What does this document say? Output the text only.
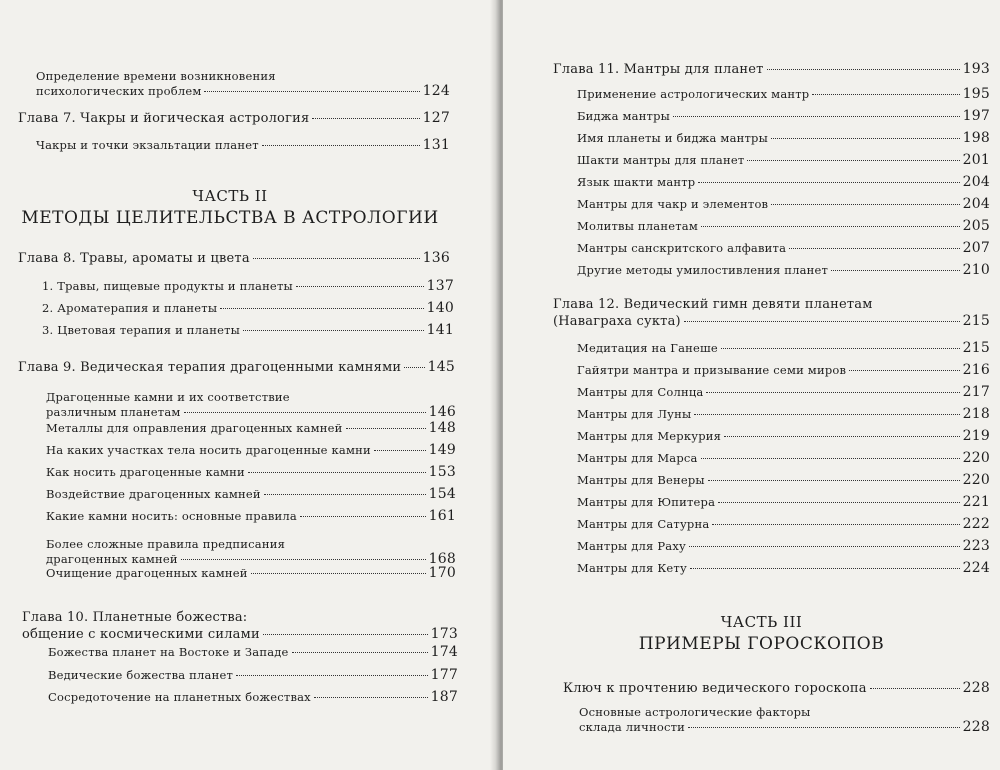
Определение времени возникновения
психологических проблем	124
Глава 7. Чакры и йогическая астрология	127
Чакры и точки экзальтации планет	131
ЧАСТЬ II
МЕТОДЫ ЦЕЛИТЕЛЬСТВА В АСТРОЛОГИИ
Глава 8. Травы, ароматы и цвета	136
1. Травы, пищевые продукты и планеты	137
2. Ароматерапия и планеты	140
3. Цветовая терапия и планеты	141
Глава 9. Ведическая терапия драгоценными камнями 145
Драгоценные камни и их соответствие
различным планетам	146
Металлы для оправления драгоценных камней	148
На каких участках тела носить драгоценные камни	149
Как носить драгоценные камни	153
Воздействие драгоценных камней	154
Какие камни носить: основные правила	161
Более сложные правила предписания
драгоценных камней	168
Очищение драгоценных камней	170
Глава 10. Планетные божества:
общение с космическими силами	173
Божества планет на Востоке и Западе	174
Ведические божества планет	177
Сосредоточение на планетных божествах	187
Глава 11. Мантры для планет	193
Применение астрологических мантр	195
Биджа мантры	197
Имя планеты и биджа мантры	198
Шакти мантры для планет	201
Язык шакти мантр	204
Мантры для чакр и элементов	204
Молитвы планетам	205
Мантры санскритского алфавита	207
Другие методы умилостивления планет	210
Глава 12. Ведический гимн девяти планетам
(Наваграха сукта)	215
Медитация на Ганеше	215
Гайятри мантра и призывание семи миров	216
Мантры для Солнца	217
Мантры для Луны	218
Мантры для Меркурия	219
Мантры для Марса	220
Мантры для Венеры	220
Мантры для Юпитера	221
Мантры для Сатурна	222
Мантры для Раху	223
Мантры для Кету	224
ЧАСТЬ III
ПРИМЕРЫ ГОРОСКОПОВ
Ключ к прочтению ведического гороскопа	228
Основные астрологические факторы
склада личности	228
